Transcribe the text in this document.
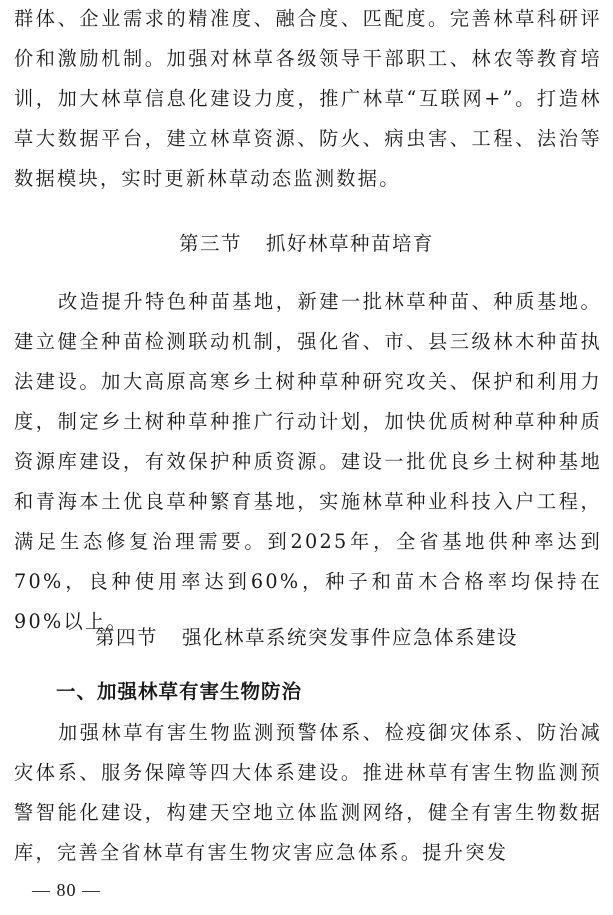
群体、企业需求的精准度、融合度、匹配度。完善林草科研评价和激励机制。加强对林草各级领导干部职工、林农等教育培训，加大林草信息化建设力度，推广林草“互联网+”。打造林草大数据平台，建立林草资源、防火、病虫害、工程、法治等数据模块，实时更新林草动态监测数据。

第三节 抓好林草种苗培育

改造提升特色种苗基地，新建一批林草种苗、种质基地。建立健全种苗检测联动机制，强化省、市、县三级林木种苗执法建设。加大高原高寒乡土树种草种研究攻关、保护和利用力度，制定乡土树种草种推广行动计划，加快优质树种草种种质资源库建设，有效保护种质资源。建设一批优良乡土树种基地和青海本土优良草种繁育基地，实施林草种业科技入户工程，满足生态修复治理需要。到2025年，全省基地供种率达到70%，良种使用率达到60%，种子和苗木合格率均保持在90%以上。

第四节 强化林草系统突发事件应急体系建设
一、加强林草有害生物防治

加强林草有害生物监测预警体系、检疫御灾体系、防治减灾体系、服务保障等四大体系建设。推进林草有害生物监测预警智能化建设，构建天空地立体监测网络，健全有害生物数据库，完善全省林草有害生物灾害应急体系。提升突发

— 80 —
